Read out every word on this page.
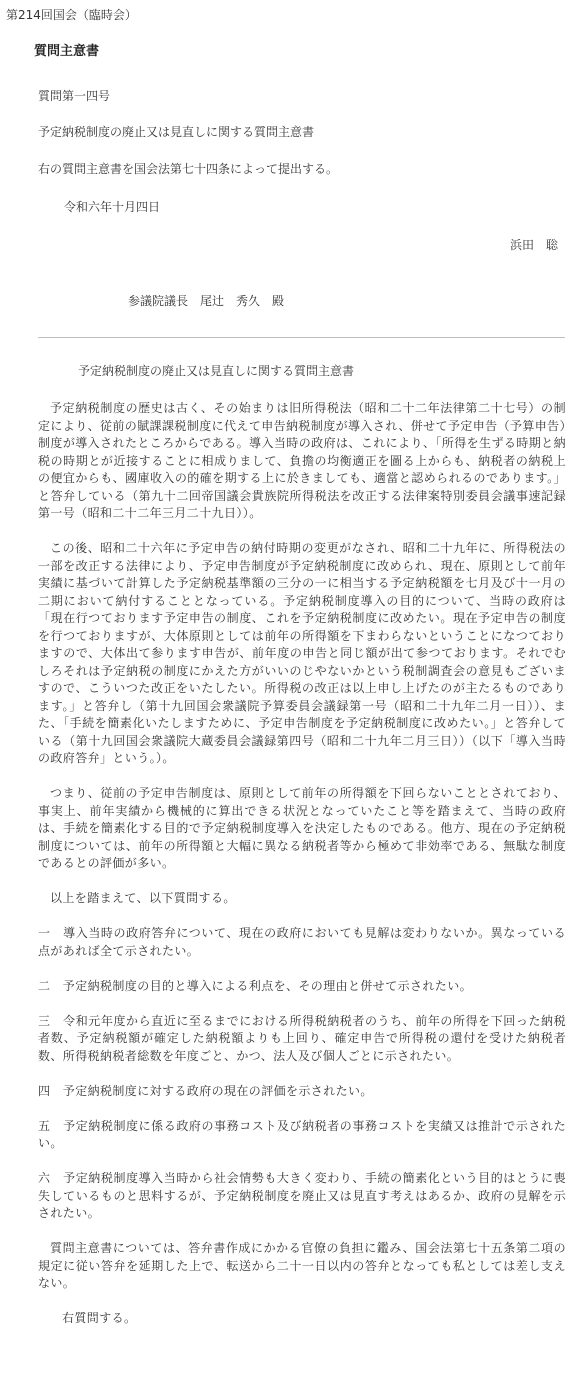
第214回国会（臨時会）
質問主意書
質問第一四号
予定納税制度の廃止又は見直しに関する質問主意書
右の質問主意書を国会法第七十四条によって提出する。
令和六年十月四日
浜田　聡
参議院議長　尾辻　秀久　殿
予定納税制度の廃止又は見直しに関する質問主意書

予定納税制度の歴史は古く、その始まりは旧所得税法（昭和二十二年法律第二十七号）の制定により、従前の賦課課税制度に代えて申告納税制度が導入され、併せて予定申告（予算申告）制度が導入されたところからである。導入当時の政府は、これにより、「所得を生ずる時期と納税の時期とが近接することに相成りまして、負擔の均衡適正を圖る上からも、納税者の納税上の便宜からも、國庫收入の的確を期する上に於きましても、適當と認められるのであります。」と答弁している（第九十二回帝国議会貴族院所得税法を改正する法律案特別委員会議事速記録第一号（昭和二十二年三月二十九日））。

この後、昭和二十六年に予定申告の納付時期の変更がなされ、昭和二十九年に、所得税法の一部を改正する法律により、予定申告制度が予定納税制度に改められ、現在、原則として前年実績に基づいて計算した予定納税基準額の三分の一に相当する予定納税額を七月及び十一月の二期において納付することとなっている。予定納税制度導入の目的について、当時の政府は「現在行つております予定申告の制度、これを予定納税制度に改めたい。現在予定申告の制度を行つておりますが、大体原則としては前年の所得額を下まわらないということになつておりますので、大体出て参ります申告が、前年度の申告と同じ額が出て参つております。それでむしろそれは予定納税の制度にかえた方がいいのじやないかという税制調査会の意見もございますので、こういつた改正をいたしたい。所得税の改正は以上申し上げたのが主たるものであります。」と答弁し（第十九回国会衆議院予算委員会議録第一号（昭和二十九年二月一日））、また、「手続を簡素化いたしますために、予定申告制度を予定納税制度に改めたい。」と答弁している（第十九回国会衆議院大蔵委員会議録第四号（昭和二十九年二月三日））（以下「導入当時の政府答弁」という。）。

つまり、従前の予定申告制度は、原則として前年の所得額を下回らないこととされており、事実上、前年実績から機械的に算出できる状況となっていたこと等を踏まえて、当時の政府は、手続を簡素化する目的で予定納税制度導入を決定したものである。他方、現在の予定納税制度については、前年の所得額と大幅に異なる納税者等から極めて非効率である、無駄な制度であるとの評価が多い。

以上を踏まえて、以下質問する。

一　導入当時の政府答弁について、現在の政府においても見解は変わりないか。異なっている点があれば全て示されたい。

二　予定納税制度の目的と導入による利点を、その理由と併せて示されたい。

三　令和元年度から直近に至るまでにおける所得税納税者のうち、前年の所得を下回った納税者数、予定納税額が確定した納税額よりも上回り、確定申告で所得税の還付を受けた納税者数、所得税納税者総数を年度ごと、かつ、法人及び個人ごとに示されたい。

四　予定納税制度に対する政府の現在の評価を示されたい。

五　予定納税制度に係る政府の事務コスト及び納税者の事務コストを実績又は推計で示されたい。

六　予定納税制度導入当時から社会情勢も大きく変わり、手続の簡素化という目的はとうに喪失しているものと思料するが、予定納税制度を廃止又は見直す考えはあるか、政府の見解を示されたい。

質問主意書については、答弁書作成にかかる官僚の負担に鑑み、国会法第七十五条第二項の規定に従い答弁を延期した上で、転送から二十一日以内の答弁となっても私としては差し支えない。

右質問する。
